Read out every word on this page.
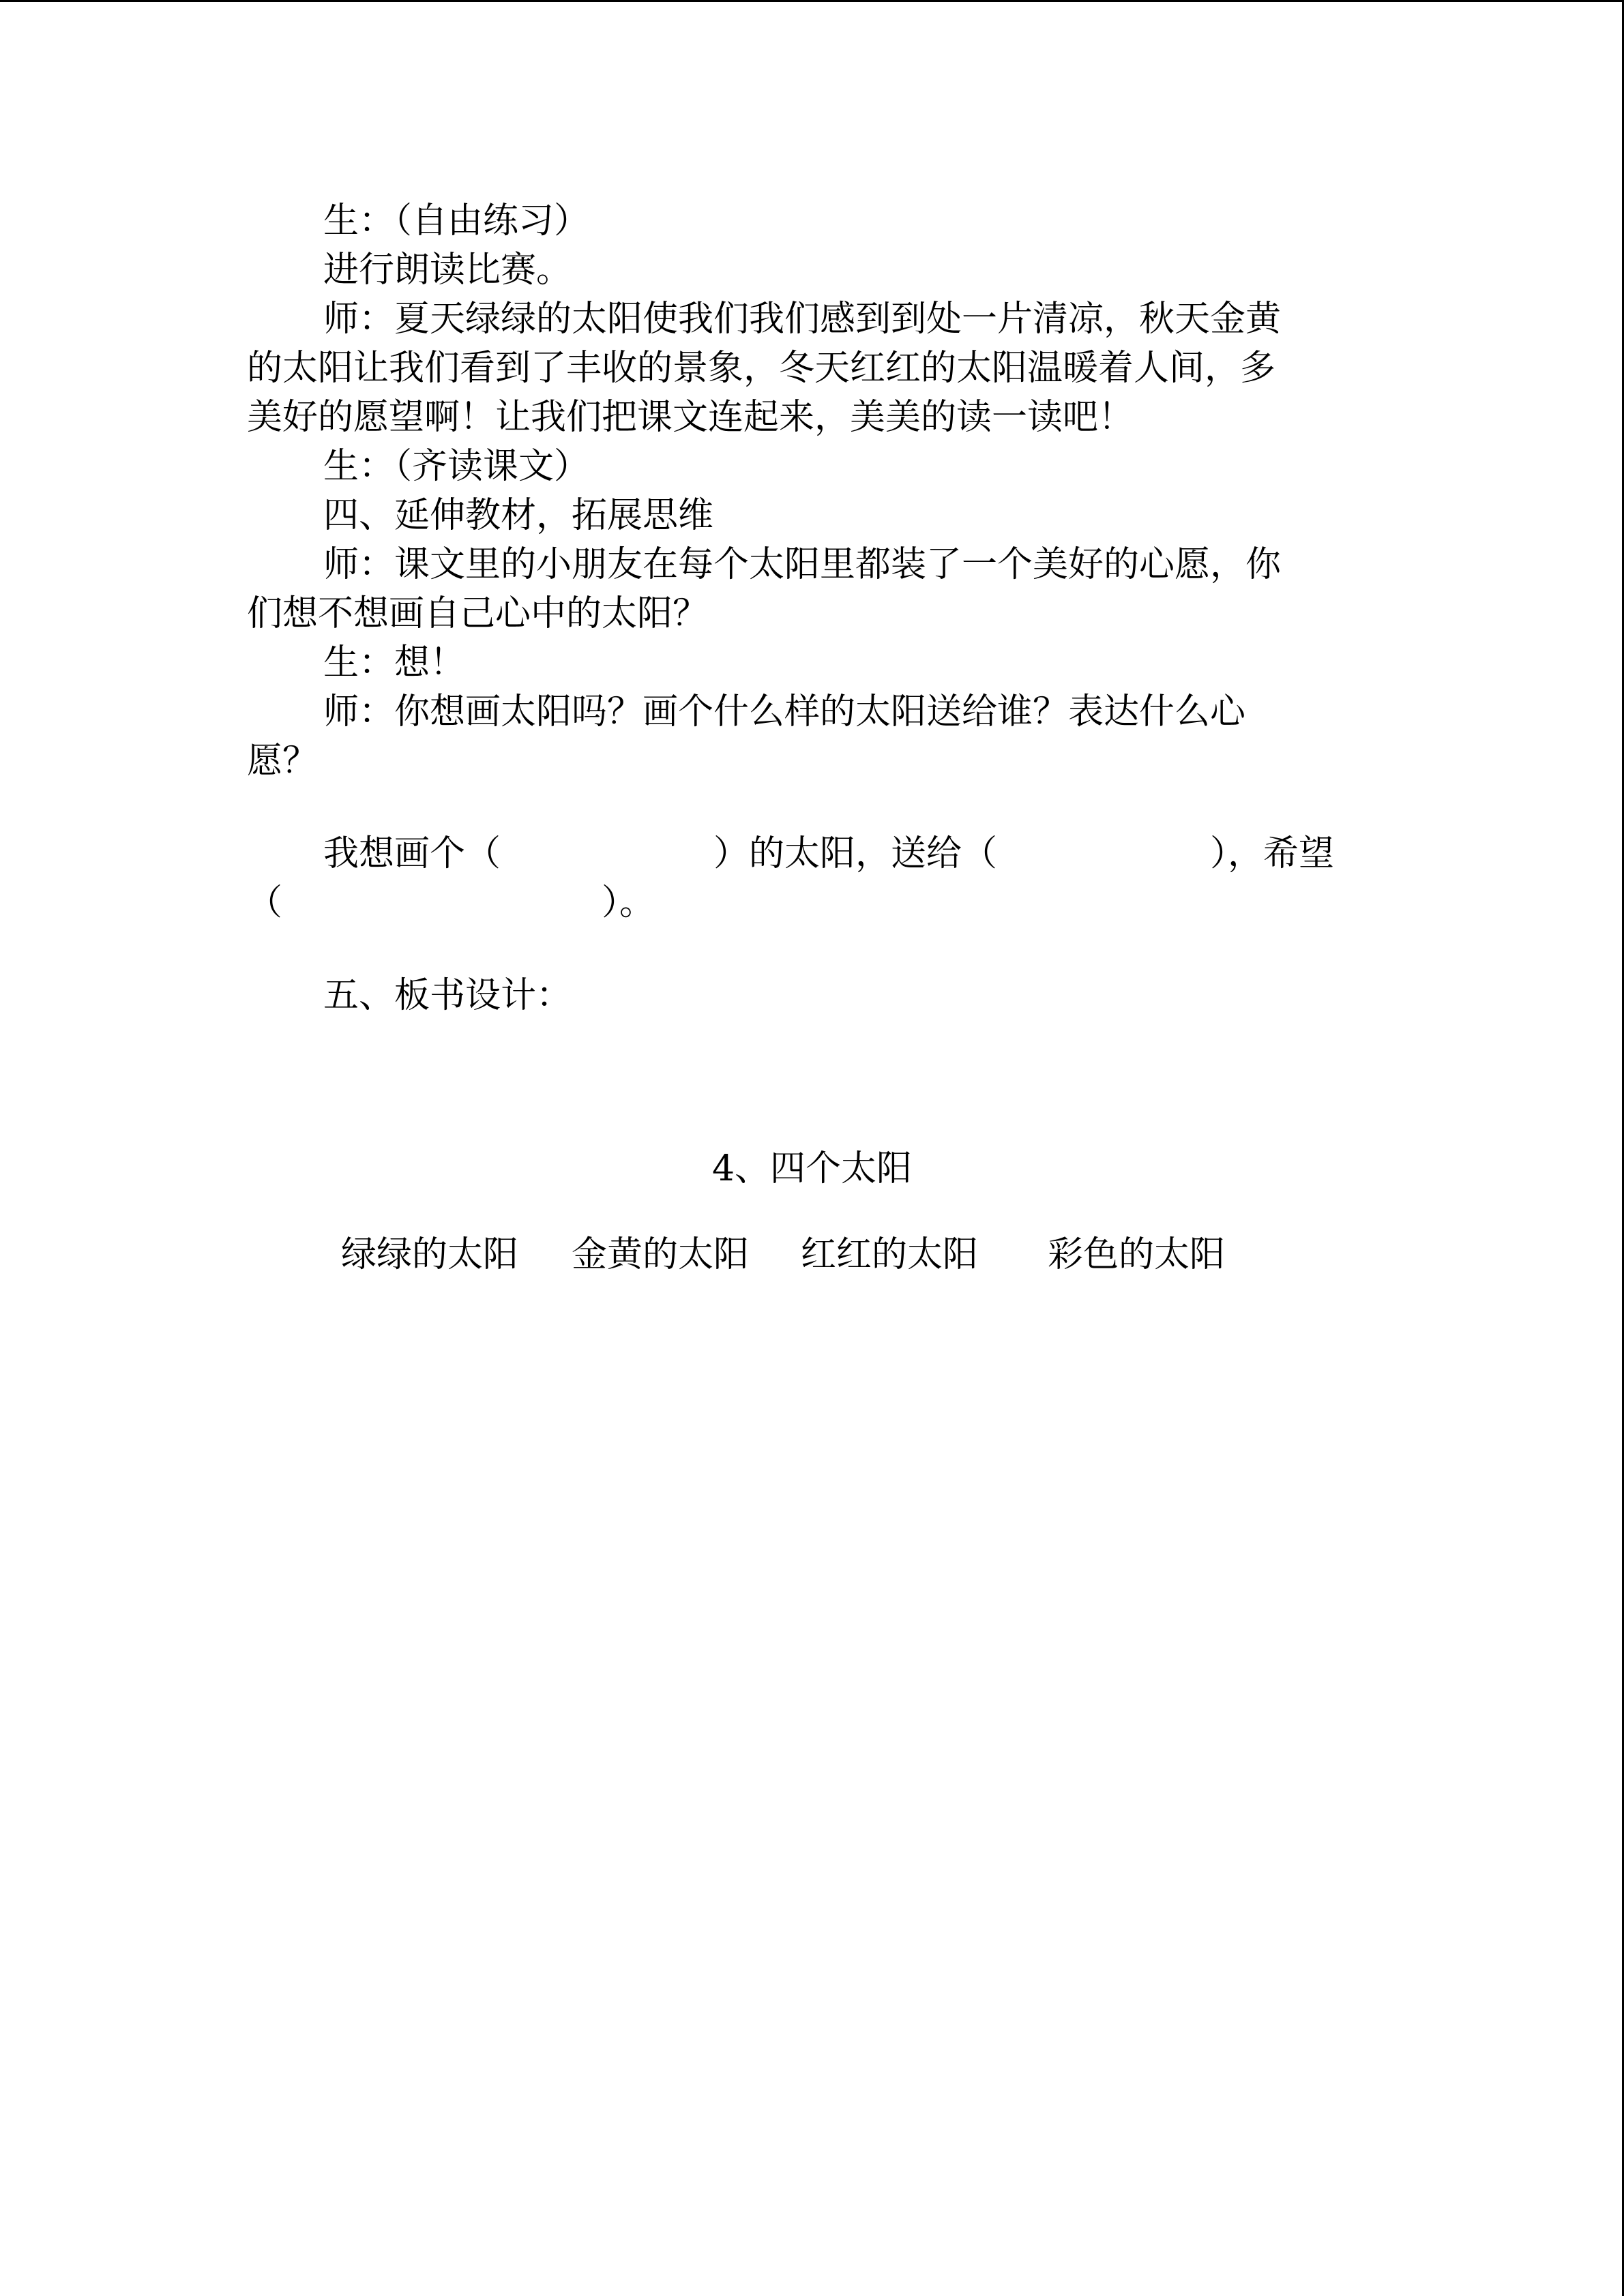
生：（自由练习）
进行朗读比赛。
师：夏天绿绿的太阳使我们我们感到到处一片清凉，秋天金黄
的太阳让我们看到了丰收的景象，冬天红红的太阳温暖着人间，多
美好的愿望啊！让我们把课文连起来，美美的读一读吧！
生：（齐读课文）
四、延伸教材，拓展思维
师：课文里的小朋友在每个太阳里都装了一个美好的心愿，你
们想不想画自己心中的太阳？
生：想！
师：你想画太阳吗？画个什么样的太阳送给谁？表达什么心
愿？
我想画个（　　　　　　）的太阳，送给（　　　　　　），希望
（　　　　　　　　　）。
五、板书设计：
4、四个太阳
绿绿的太阳 金黄的太阳 红红的太阳 彩色的太阳
